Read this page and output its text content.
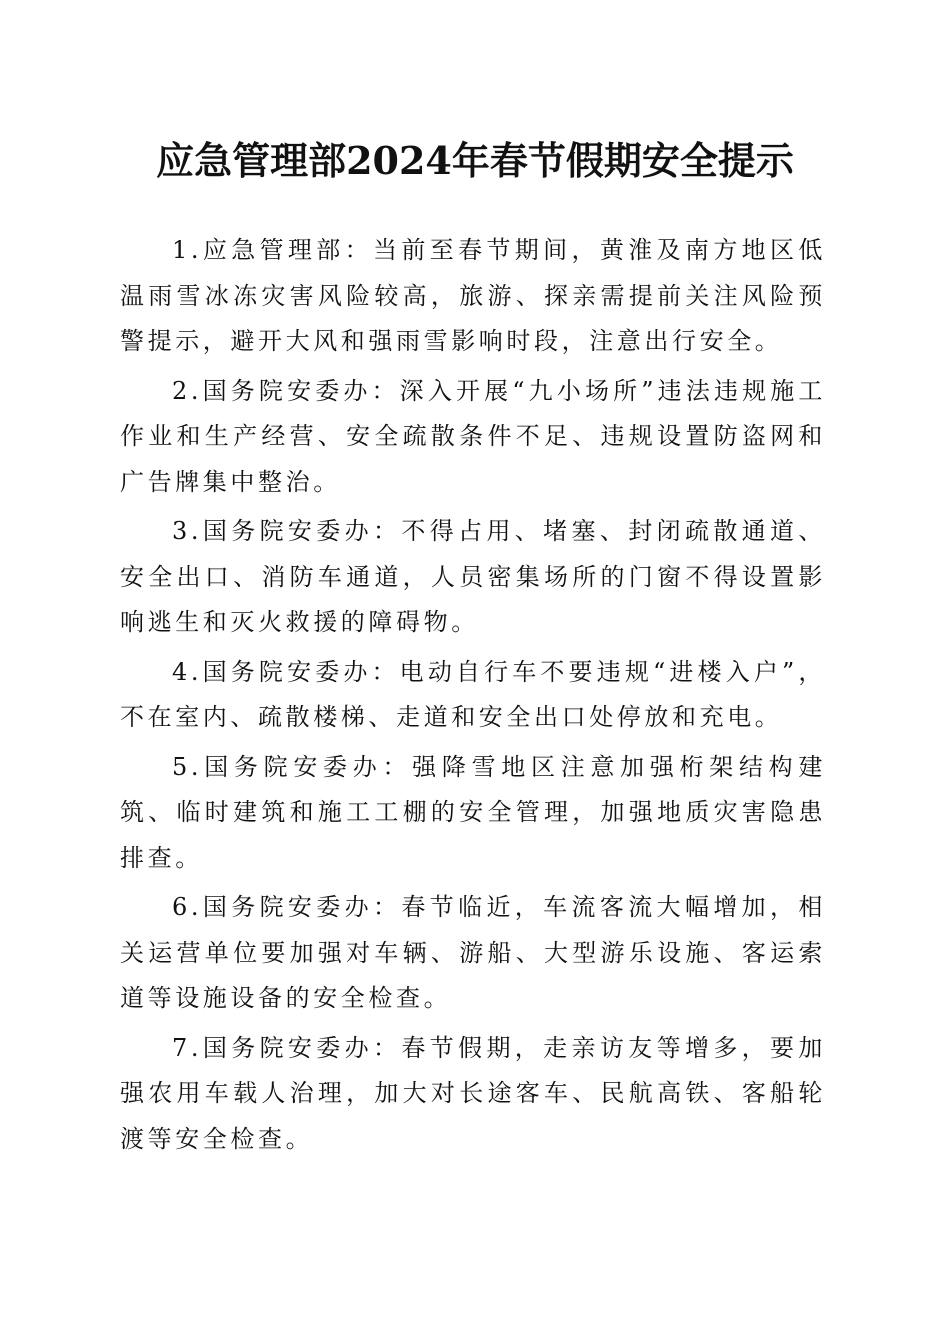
应急管理部2024年春节假期安全提示

1.应急管理部：当前至春节期间，黄淮及南方地区低温雨雪冰冻灾害风险较高，旅游、探亲需提前关注风险预警提示，避开大风和强雨雪影响时段，注意出行安全。

2.国务院安委办：深入开展“九小场所”违法违规施工作业和生产经营、安全疏散条件不足、违规设置防盗网和广告牌集中整治。

3.国务院安委办：不得占用、堵塞、封闭疏散通道、安全出口、消防车通道，人员密集场所的门窗不得设置影响逃生和灭火救援的障碍物。

4.国务院安委办：电动自行车不要违规“进楼入户”，不在室内、疏散楼梯、走道和安全出口处停放和充电。

5.国务院安委办：强降雪地区注意加强桁架结构建筑、临时建筑和施工工棚的安全管理，加强地质灾害隐患排查。

6.国务院安委办：春节临近，车流客流大幅增加，相关运营单位要加强对车辆、游船、大型游乐设施、客运索道等设施设备的安全检查。

7.国务院安委办：春节假期，走亲访友等增多，要加强农用车载人治理，加大对长途客车、民航高铁、客船轮渡等安全检查。
